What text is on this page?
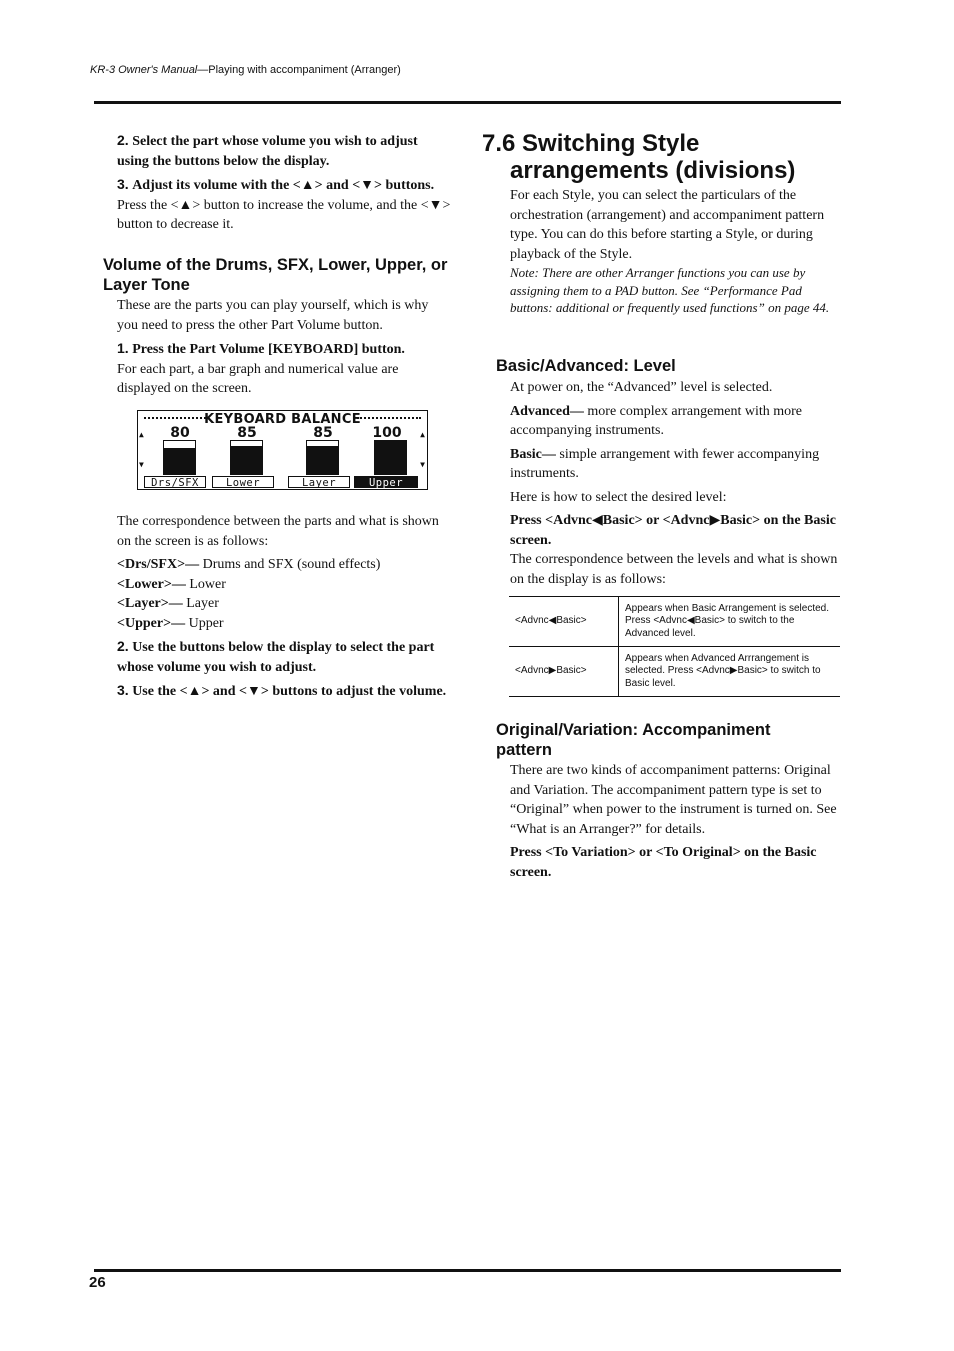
KR-3 Owner's Manual—Playing with accompaniment (Arranger)

2. Select the part whose volume you wish to adjust using the buttons below the display.

3. Adjust its volume with the <▲> and <▼> buttons. Press the <▲> button to increase the volume, and the <▼> button to decrease it.

Volume of the Drums, SFX, Lower, Upper, or Layer Tone

These are the parts you can play yourself, which is why you need to press the other Part Volume button.

1. Press the Part Volume [KEYBOARD] button.

For each part, a bar graph and numerical value are displayed on the screen.

KEYBOARD BALANCE
▲
▼
▲
▼
80
Drs/SFX
85
Lower
85
Layer
100
Upper

The correspondence between the parts and what is shown on the screen is as follows:

<Drs/SFX>— Drums and SFX (sound effects)

<Lower>— Lower

<Layer>— Layer

<Upper>— Upper

2. Use the buttons below the display to select the part whose volume you wish to adjust.

3. Use the <▲> and <▼> buttons to adjust the volume.

7.6 Switching Style
arrangements (divisions)

For each Style, you can select the particulars of the orchestration (arrangement) and accompaniment pattern type. You can do this before starting a Style, or during playback of the Style.

Note: There are other Arranger functions you can use by assigning them to a PAD button. See “Performance Pad buttons: additional or frequently used functions” on page 44.

Basic/Advanced: Level

At power on, the “Advanced” level is selected.

Advanced— more complex arrangement with more accompanying instruments.

Basic— simple arrangement with fewer accompanying instruments.

Here is how to select the desired level:

Press <Advnc◀Basic> or <Advnc▶Basic> on the Basic screen.

The correspondence between the levels and what is shown on the display is as follows:

<Advnc◀Basic>	Appears when Basic Arrangement is selected. Press <Advnc◀Basic> to switch to the Advanced level.
<Advnc▶Basic>	Appears when Advanced Arrrangement is selected. Press <Advnc▶Basic> to switch to Basic level.
Original/Variation: Accompaniment
pattern

There are two kinds of accompaniment patterns: Original and Variation. The accompaniment pattern type is set to “Original” when power to the instrument is turned on. See “What is an Arranger?” for details.

Press <To Variation> or <To Original> on the Basic screen.

26
